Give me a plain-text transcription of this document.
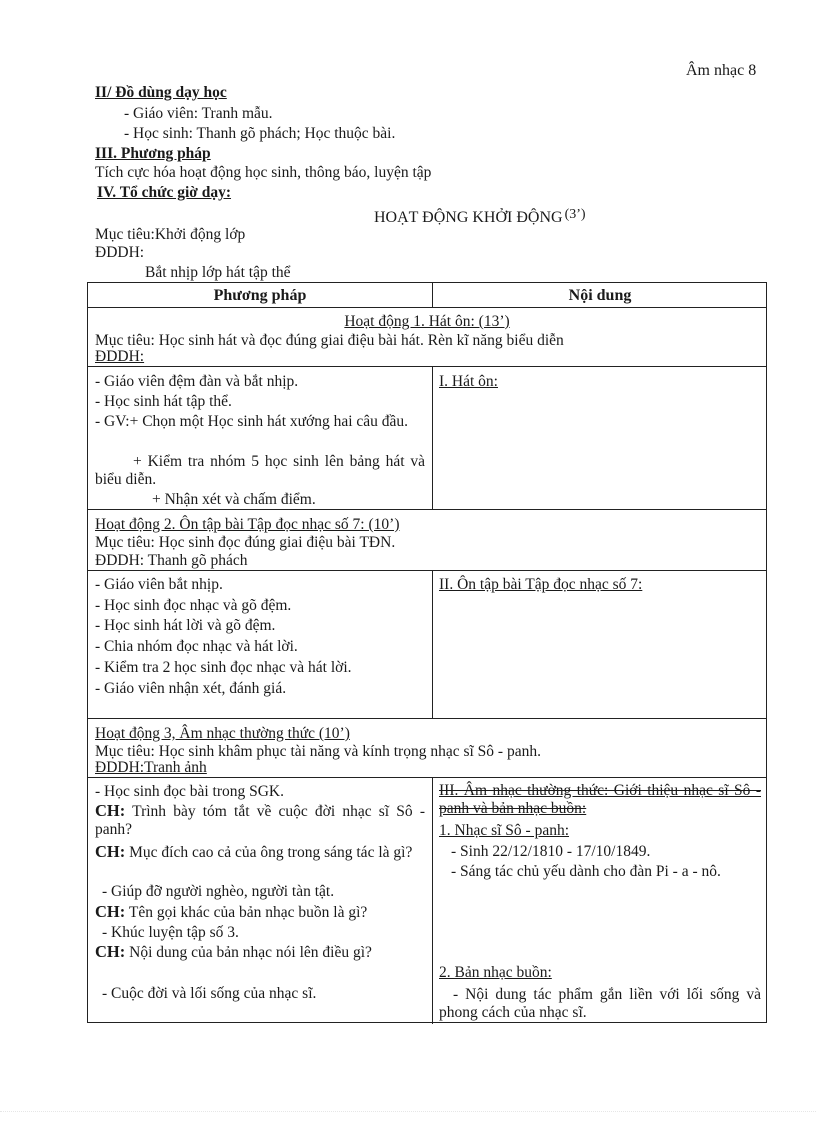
Âm nhạc 8
II/ Đồ dùng dạy học
- Giáo viên: Tranh mẫu.
- Học sinh: Thanh gõ phách; Học thuộc bài.
III. Phương pháp
Tích cực hóa hoạt động học sinh, thông báo, luyện tập
IV. Tổ chức giờ dạy:
HOẠT ĐỘNG KHỞI ĐỘNG (3’)
Mục tiêu:Khởi động lớp
ĐDDH:
Bắt nhịp lớp hát tập thể
Phương pháp	Nội dung
Hoạt động 1. Hát ôn: (13’)
Mục tiêu: Học sinh hát và đọc đúng giai điệu bài hát. Rèn kĩ năng biểu diễn
ĐDDH:
- Giáo viên đệm đàn và bắt nhịp.
- Học sinh hát tập thể.
- GV:+ Chọn một Học sinh hát xướng hai câu đầu.
+ Kiểm tra nhóm 5 học sinh lên bảng hát và biểu diễn.
+ Nhận xét và chấm điểm.
I. Hát ôn:
Hoạt động 2. Ôn tập bài Tập đọc nhạc số 7: (10’)
Mục tiêu: Học sinh đọc đúng giai điệu bài TĐN.
ĐDDH: Thanh gõ phách
- Giáo viên bắt nhịp.
- Học sinh đọc nhạc và gõ đệm.
- Học sinh hát lời và gõ đệm.
- Chia nhóm đọc nhạc và hát lời.
- Kiểm tra 2 học sinh đọc nhạc và hát lời.
- Giáo viên nhận xét, đánh giá.
II. Ôn tập bài Tập đọc nhạc số 7:
Hoạt động 3, Âm nhạc thường thức (10’)
Mục tiêu: Học sinh khâm phục tài năng và kính trọng nhạc sĩ Sô - panh.
ĐDDH:Tranh ảnh
- Học sinh đọc bài trong SGK.
CH: Trình bày tóm tắt về cuộc đời nhạc sĩ Sô - panh?
CH: Mục đích cao cả của ông trong sáng tác là gì?
- Giúp đỡ người nghèo, người tàn tật.
CH: Tên gọi khác của bản nhạc buồn là gì?
- Khúc luyện tập số 3.
CH: Nội dung của bản nhạc nói lên điều gì?
- Cuộc đời và lối sống của nhạc sĩ.
III. Âm nhạc thường thức: Giới thiệu nhạc sĩ Sô - panh và bản nhạc buồn:
1. Nhạc sĩ Sô - panh:
- Sinh 22/12/1810 - 17/10/1849.
- Sáng tác chủ yếu dành cho đàn Pi - a - nô.
2. Bản nhạc buồn:
- Nội dung tác phẩm gắn liền với lối sống và phong cách của nhạc sĩ.
